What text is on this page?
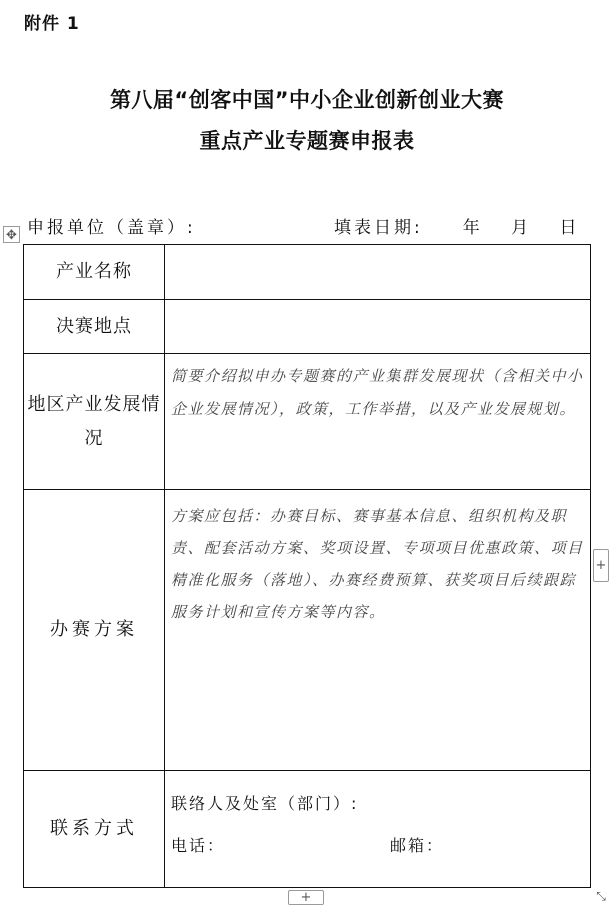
附件 1
第八届“创客中国”中小企业创新创业大赛
重点产业专题赛申报表
申报单位（盖章）:	填表日期:　　年　 月　 日
✥
产业名称	
决赛地点	
地区产业发展情况	简要介绍拟申办专题赛的产业集群发展现状（含相关中小企业发展情况），政策，工作举措，以及产业发展规划。

办赛方案	方案应包括：办赛目标、赛事基本信息、组织机构及职责、配套活动方案、奖项设置、专项项目优惠政策、项目精准化服务（落地）、办赛经费预算、获奖项目后续跟踪服务计划和宣传方案等内容。

联系方式	联络人及处室（部门）:
电话： 邮箱：
+
+	⤡
